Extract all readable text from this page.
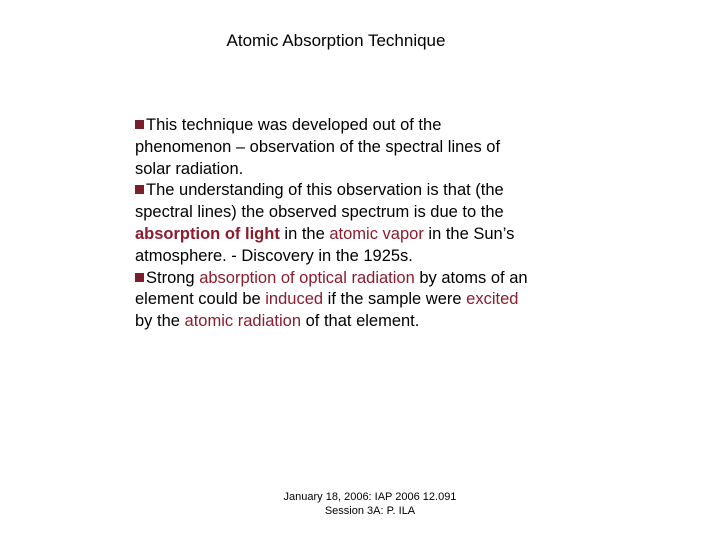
Atomic Absorption Technique

This technique was developed out of the phenomenon – observation of the spectral lines of solar radiation.

The understanding of this observation is that (the spectral lines) the observed spectrum is due to the absorption of light in the atomic vapor in the Sun’s atmosphere. - Discovery in the 1925s.

Strong absorption of optical radiation by atoms of an element could be induced if the sample were excited by the atomic radiation of that element.

January 18, 2006: IAP 2006 12.091
Session 3A: P. ILA
